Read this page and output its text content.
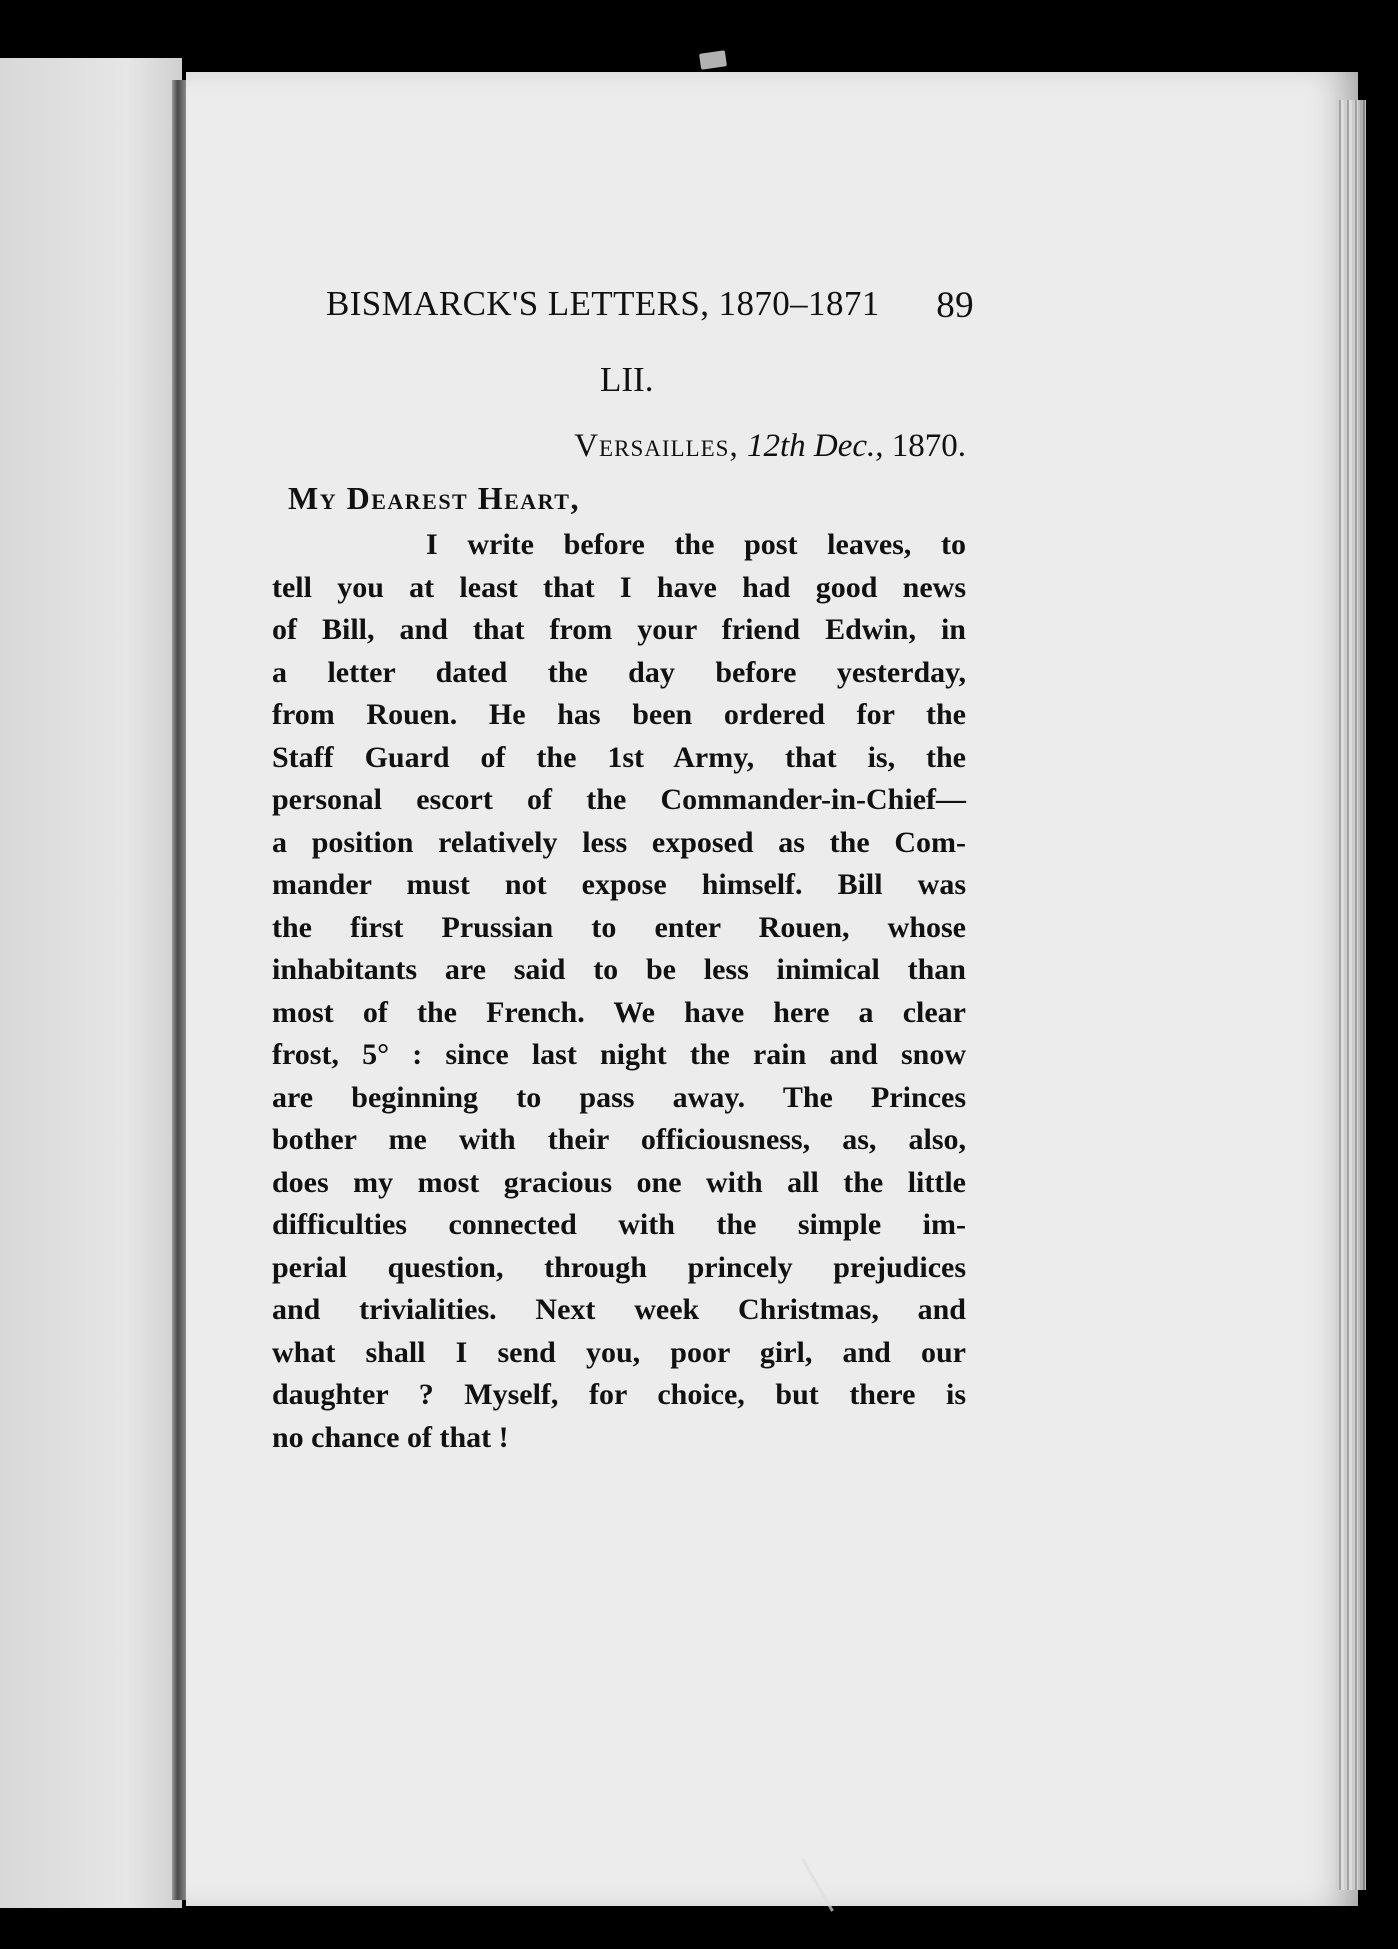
BISMARCK'S LETTERS, 1870–1871 89
LII.
Versailles, 12th Dec., 1870.
My Dearest Heart,
I write before the post leaves, to
tell you at least that I have had good news
of Bill, and that from your friend Edwin, in
a letter dated the day before yesterday,
from Rouen. He has been ordered for the
Staff Guard of the 1st Army, that is, the
personal escort of the Commander-in-Chief—
a position relatively less exposed as the Com-
mander must not expose himself. Bill was
the first Prussian to enter Rouen, whose
inhabitants are said to be less inimical than
most of the French. We have here a clear
frost, 5° : since last night the rain and snow
are beginning to pass away. The Princes
bother me with their officiousness, as, also,
does my most gracious one with all the little
difficulties connected with the simple im-
perial question, through princely prejudices
and trivialities. Next week Christmas, and
what shall I send you, poor girl, and our
daughter ? Myself, for choice, but there is
no chance of that !
